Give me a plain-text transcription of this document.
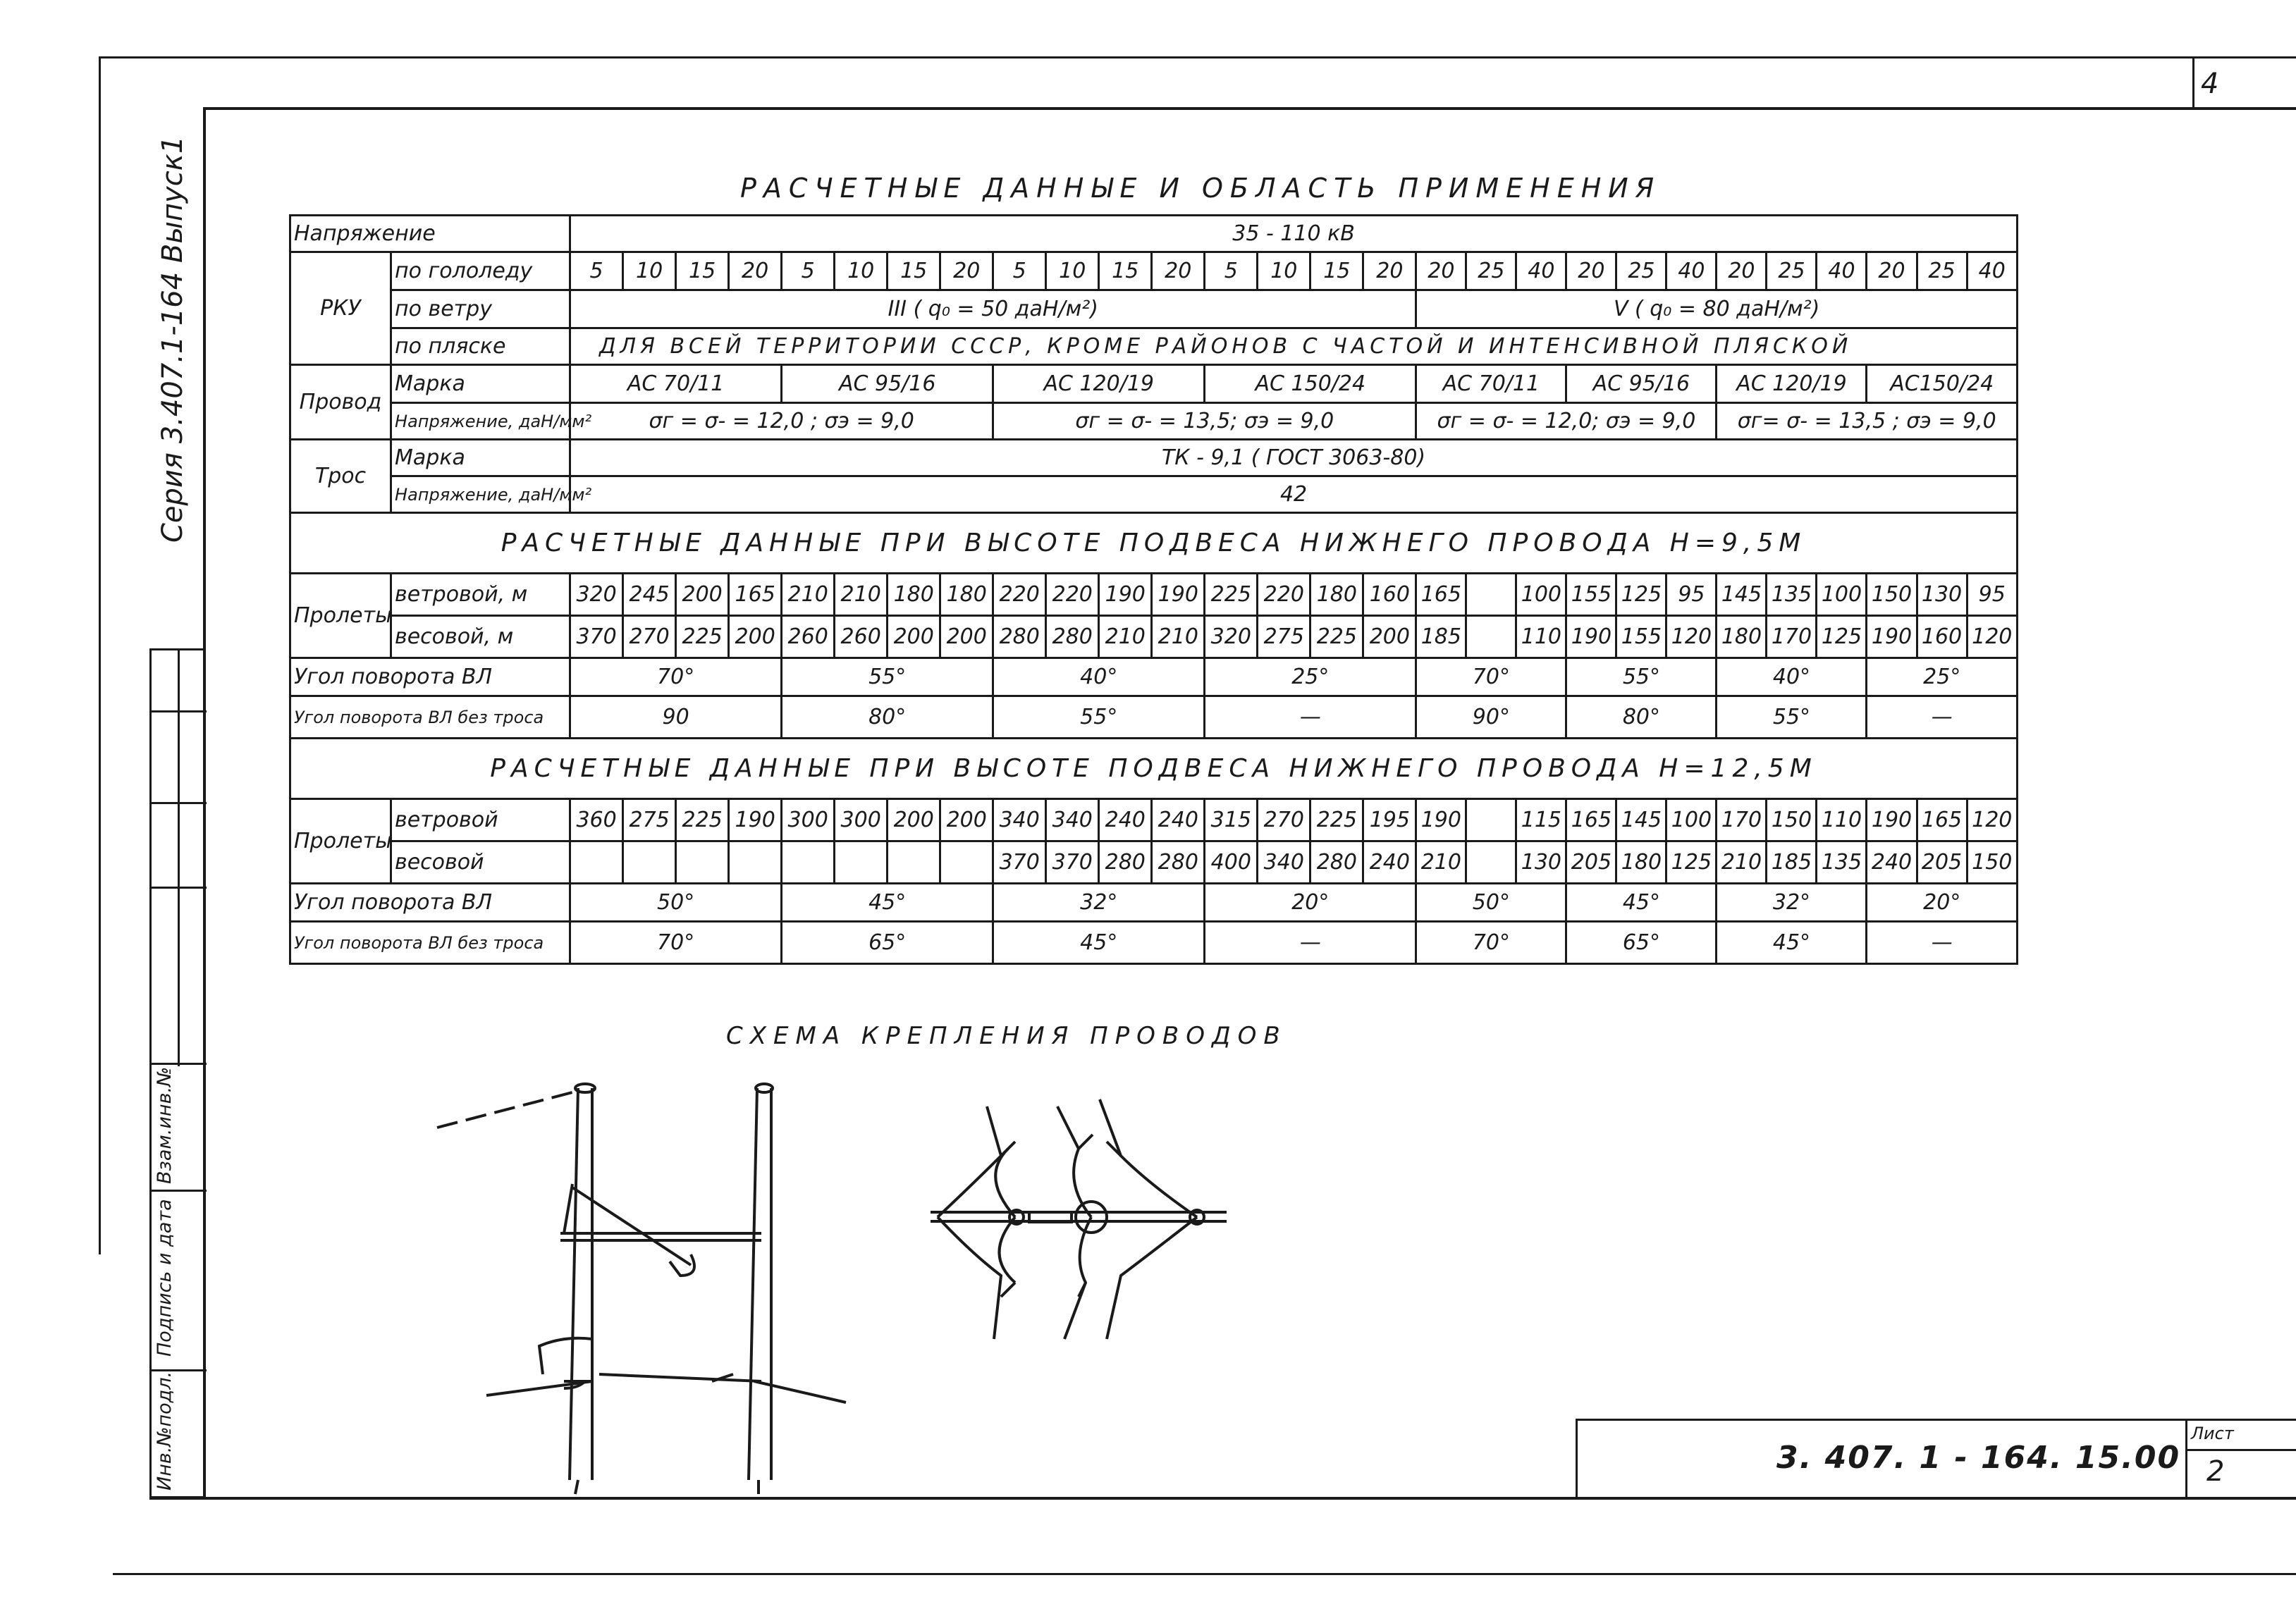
4
Серия 3.407.1-164 Выпуск1
Инв.№подл.
Подпись и дата
Взам.инв.№
РАСЧЕТНЫЕ ДАННЫЕ И ОБЛАСТЬ ПРИМЕНЕНИЯ
Напряжение		35 - 110 кВ																											
РКУ	по гололеду	5	10	15	20	5	10	15	20	5	10	15	20	5	10	15	20	20	25	40	20	25	40	20	25	40	20	25	40
	по ветру	III ( q₀ = 50 даН/м²)																V ( q₀ = 80 даН/м²)											
	по пляске	ДЛЯ ВСЕЙ ТЕРРИТОРИИ СССР, КРОМЕ РАЙОНОВ С ЧАСТОЙ И ИНТЕНСИВНОЙ ПЛЯСКОЙ																											
Провод	Марка	АС 70/11				АС 95/16				АС 120/19				АС 150/24				АС 70/11			АС 95/16			АС 120/19			АС150/24		
	Напряжение, даН/мм²	σг = σ- = 12,0 ; σэ = 9,0								σг = σ- = 13,5; σэ = 9,0								σг = σ- = 12,0; σэ = 9,0						σг= σ- = 13,5 ; σэ = 9,0					
Трос	Марка	ТК - 9,1 ( ГОСТ 3063-80)																											
	Напряжение, даН/мм²	42																											
РАСЧЕТНЫЕ ДАННЫЕ ПРИ ВЫСОТЕ ПОДВЕСА НИЖНЕГО ПРОВОДА H=9,5М																													
Пролеты	ветровой, м	320	245	200	165	210	210	180	180	220	220	190	190	225	220	180	160	165		100	155	125	95	145	135	100	150	130	95
	весовой, м	370	270	225	200	260	260	200	200	280	280	210	210	320	275	225	200	185		110	190	155	120	180	170	125	190	160	120
Угол поворота ВЛ		70°				55°				40°				25°				70°			55°			40°			25°		
Угол поворота ВЛ без троса		90				80°				55°				—				90°			80°			55°			—		
РАСЧЕТНЫЕ ДАННЫЕ ПРИ ВЫСОТЕ ПОДВЕСА НИЖНЕГО ПРОВОДА H=12,5М																													
Пролеты	ветровой	360	275	225	190	300	300	200	200	340	340	240	240	315	270	225	195	190		115	165	145	100	170	150	110	190	165	120
	весовой									370	370	280	280	400	340	280	240	210		130	205	180	125	210	185	135	240	205	150
Угол поворота ВЛ		50°				45°				32°				20°				50°			45°			32°			20°		
Угол поворота ВЛ без троса		70°				65°				45°				—				70°			65°			45°			—		
СХЕМА КРЕПЛЕНИЯ ПРОВОДОВ
3. 407. 1 - 164. 15.00
Лист
2
